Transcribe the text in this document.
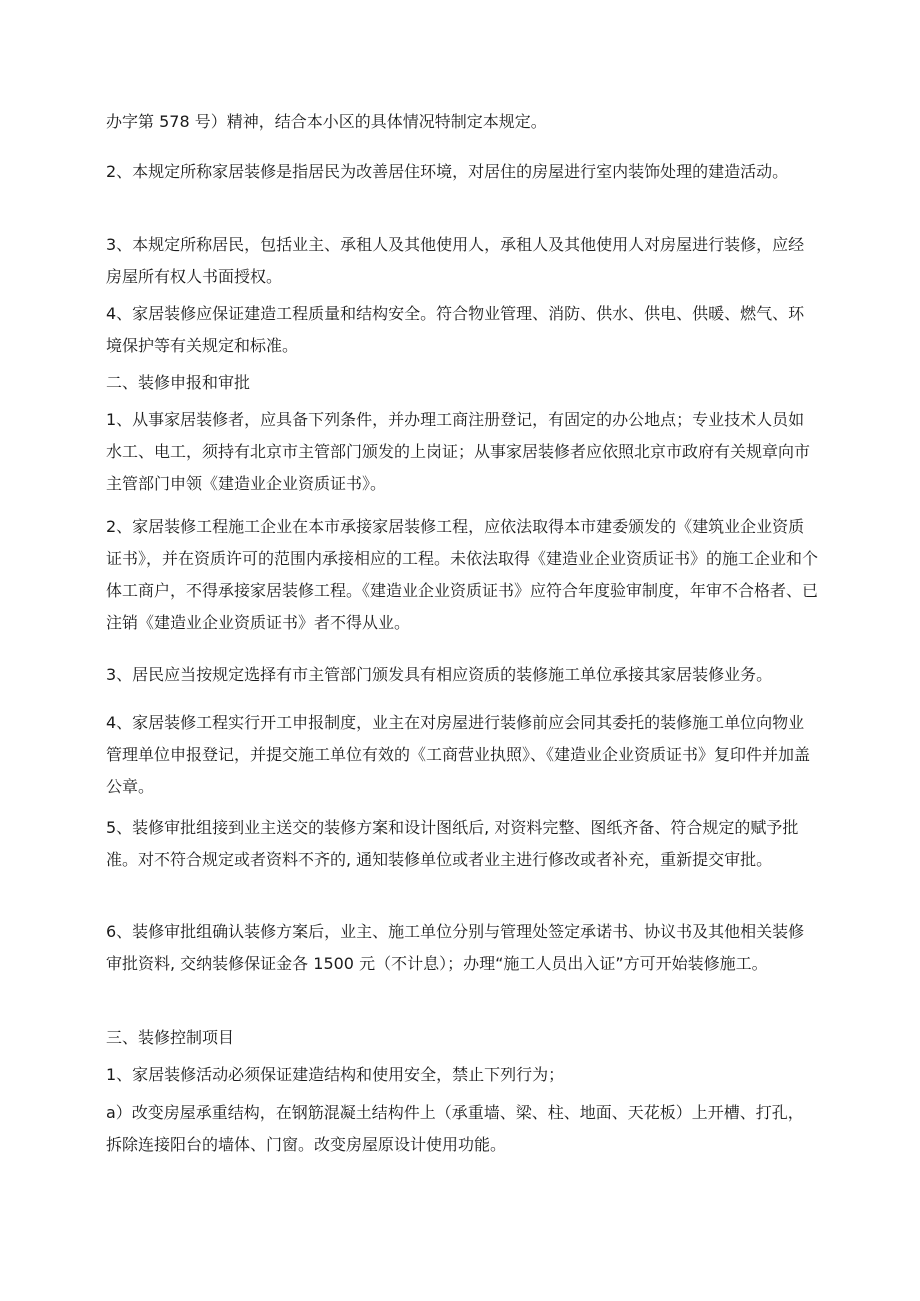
办字第 578 号）精神，结合本小区的具体情况特制定本规定。

2、本规定所称家居装修是指居民为改善居住环境，对居住的房屋进行室内装饰处理的建造活动。

3、本规定所称居民，包括业主、承租人及其他使用人，承租人及其他使用人对房屋进行装修，应经房屋所有权人书面授权。

4、家居装修应保证建造工程质量和结构安全。符合物业管理、消防、供水、供电、供暖、燃气、环境保护等有关规定和标准。

二、装修申报和审批

1、从事家居装修者，应具备下列条件，并办理工商注册登记，有固定的办公地点；专业技术人员如水工、电工，须持有北京市主管部门颁发的上岗证；从事家居装修者应依照北京市政府有关规章向市主管部门申领《建造业企业资质证书》。

2、家居装修工程施工企业在本市承接家居装修工程，应依法取得本市建委颁发的《建筑业企业资质证书》，并在资质许可的范围内承接相应的工程。未依法取得《建造业企业资质证书》的施工企业和个体工商户，不得承接家居装修工程。《建造业企业资质证书》应符合年度验审制度，年审不合格者、已注销《建造业企业资质证书》者不得从业。

3、居民应当按规定选择有市主管部门颁发具有相应资质的装修施工单位承接其家居装修业务。

4、家居装修工程实行开工申报制度，业主在对房屋进行装修前应会同其委托的装修施工单位向物业管理单位申报登记，并提交施工单位有效的《工商营业执照》、《建造业企业资质证书》复印件并加盖公章。

5、装修审批组接到业主送交的装修方案和设计图纸后, 对资料完整、图纸齐备、符合规定的赋予批准。对不符合规定或者资料不齐的, 通知装修单位或者业主进行修改或者补充，重新提交审批。

6、装修审批组确认装修方案后，业主、施工单位分别与管理处签定承诺书、协议书及其他相关装修审批资料, 交纳装修保证金各 1500 元（不计息）；办理“施工人员出入证”方可开始装修施工。

三、装修控制项目

1、家居装修活动必须保证建造结构和使用安全，禁止下列行为；

a）改变房屋承重结构，在钢筋混凝土结构件上（承重墙、梁、柱、地面、天花板）上开槽、打孔，拆除连接阳台的墙体、门窗。改变房屋原设计使用功能。
